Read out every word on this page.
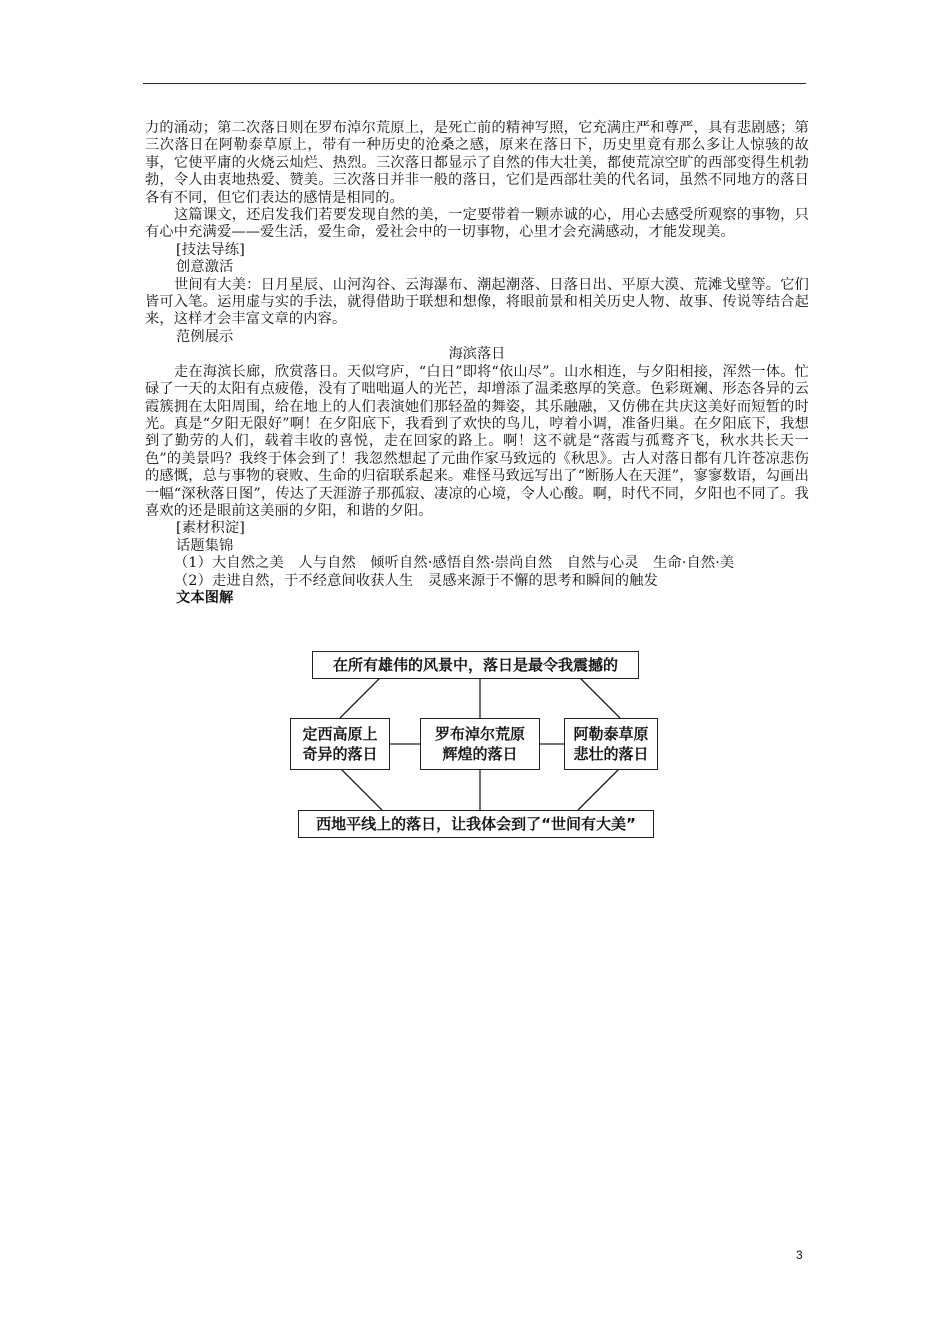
力的涌动；第二次落日则在罗布淖尔荒原上，是死亡前的精神写照，它充满庄严和尊严，具有悲剧感；第三次落日在阿勒泰草原上，带有一种历史的沧桑之感，原来在落日下，历史里竟有那么多让人惊骇的故事，它使平庸的火烧云灿烂、热烈。三次落日都显示了自然的伟大壮美，都使荒凉空旷的西部变得生机勃勃，令人由衷地热爱、赞美。三次落日并非一般的落日，它们是西部壮美的代名词，虽然不同地方的落日各有不同，但它们表达的感情是相同的。

这篇课文，还启发我们若要发现自然的美，一定要带着一颗赤诚的心，用心去感受所观察的事物，只有心中充满爱——爱生活，爱生命，爱社会中的一切事物，心里才会充满感动，才能发现美。

[技法导练]

创意激活

世间有大美：日月星辰、山河沟谷、云海瀑布、潮起潮落、日落日出、平原大漠、荒滩戈壁等。它们皆可入笔。运用虚与实的手法，就得借助于联想和想像，将眼前景和相关历史人物、故事、传说等结合起来，这样才会丰富文章的内容。

范例展示

海滨落日

走在海滨长廊，欣赏落日。天似穹庐，“白日”即将“依山尽”。山水相连，与夕阳相接，浑然一体。忙碌了一天的太阳有点疲倦，没有了咄咄逼人的光芒，却增添了温柔憨厚的笑意。色彩斑斓、形态各异的云霞簇拥在太阳周围，给在地上的人们表演她们那轻盈的舞姿，其乐融融，又仿佛在共庆这美好而短暂的时光。真是“夕阳无限好”啊！在夕阳底下，我看到了欢快的鸟儿，哼着小调，准备归巢。在夕阳底下，我想到了勤劳的人们，载着丰收的喜悦，走在回家的路上。啊！这不就是“落霞与孤鹜齐飞，秋水共长天一色”的美景吗？我终于体会到了！我忽然想起了元曲作家马致远的《秋思》。古人对落日都有几许苍凉悲伤的感慨，总与事物的衰败、生命的归宿联系起来。难怪马致远写出了“断肠人在天涯”，寥寥数语，勾画出一幅“深秋落日图”，传达了天涯游子那孤寂、凄凉的心境，令人心酸。啊，时代不同，夕阳也不同了。我喜欢的还是眼前这美丽的夕阳，和谐的夕阳。

[素材积淀]

话题集锦

（1）大自然之美　人与自然　倾听自然·感悟自然·崇尚自然　自然与心灵　生命·自然·美

（2）走进自然，于不经意间收获人生　灵感来源于不懈的思考和瞬间的触发

文本图解

在所有雄伟的风景中，落日是最令我震撼的
定西高原上
奇异的落日
罗布淖尔荒原
辉煌的落日
阿勒泰草原
悲壮的落日
西地平线上的落日，让我体会到了“世间有大美”
3
